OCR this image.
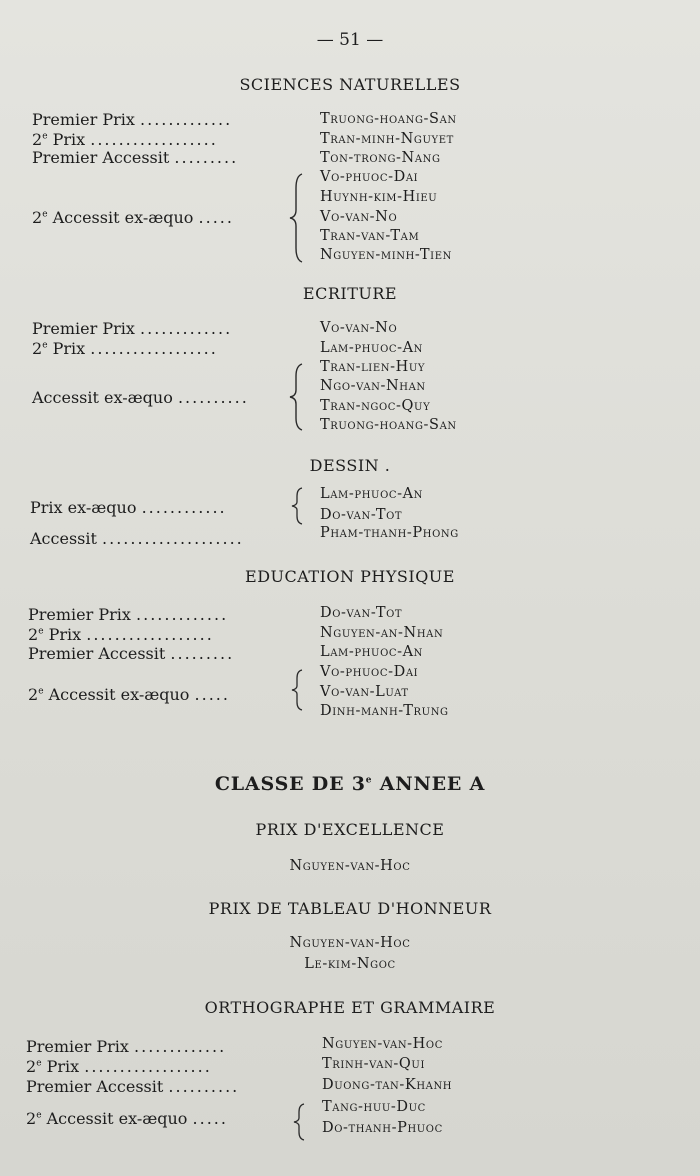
— 51 —
SCIENCES NATURELLES
Premier Prix .............
2e Prix ..................
Premier Accessit .........
2e Accessit ex-æquo .....
Truong-hoang-San
Tran-minh-Nguyet
Ton-trong-Nang
Vo-phuoc-Dai
Huynh-kim-Hieu
Vo-van-No
Tran-van-Tam
Nguyen-minh-Tien
ECRITURE
Premier Prix .............
2e Prix ..................
Accessit ex-æquo ..........
Vo-van-No
Lam-phuoc-An
Tran-lien-Huy
Ngo-van-Nhan
Tran-ngoc-Quy
Truong-hoang-San
DESSIN .
Prix ex-æquo ............
Accessit ....................
Lam-phuoc-An
Do-van-Tot
Pham-thanh-Phong
EDUCATION PHYSIQUE
Premier Prix .............
2e Prix ..................
Premier Accessit .........
2e Accessit ex-æquo .....
Do-van-Tot
Nguyen-an-Nhan
Lam-phuoc-An
Vo-phuoc-Dai
Vo-van-Luat
Dinh-manh-Trung
CLASSE DE 3e ANNEE A
PRIX D'EXCELLENCE
Nguyen-van-Hoc
PRIX DE TABLEAU D'HONNEUR
Nguyen-van-Hoc
Le-kim-Ngoc
ORTHOGRAPHE ET GRAMMAIRE
Premier Prix .............
2e Prix ..................
Premier Accessit ..........
2e Accessit ex-æquo .....
Nguyen-van-Hoc
Trinh-van-Qui
Duong-tan-Khanh
Tang-huu-Duc
Do-thanh-Phuoc
